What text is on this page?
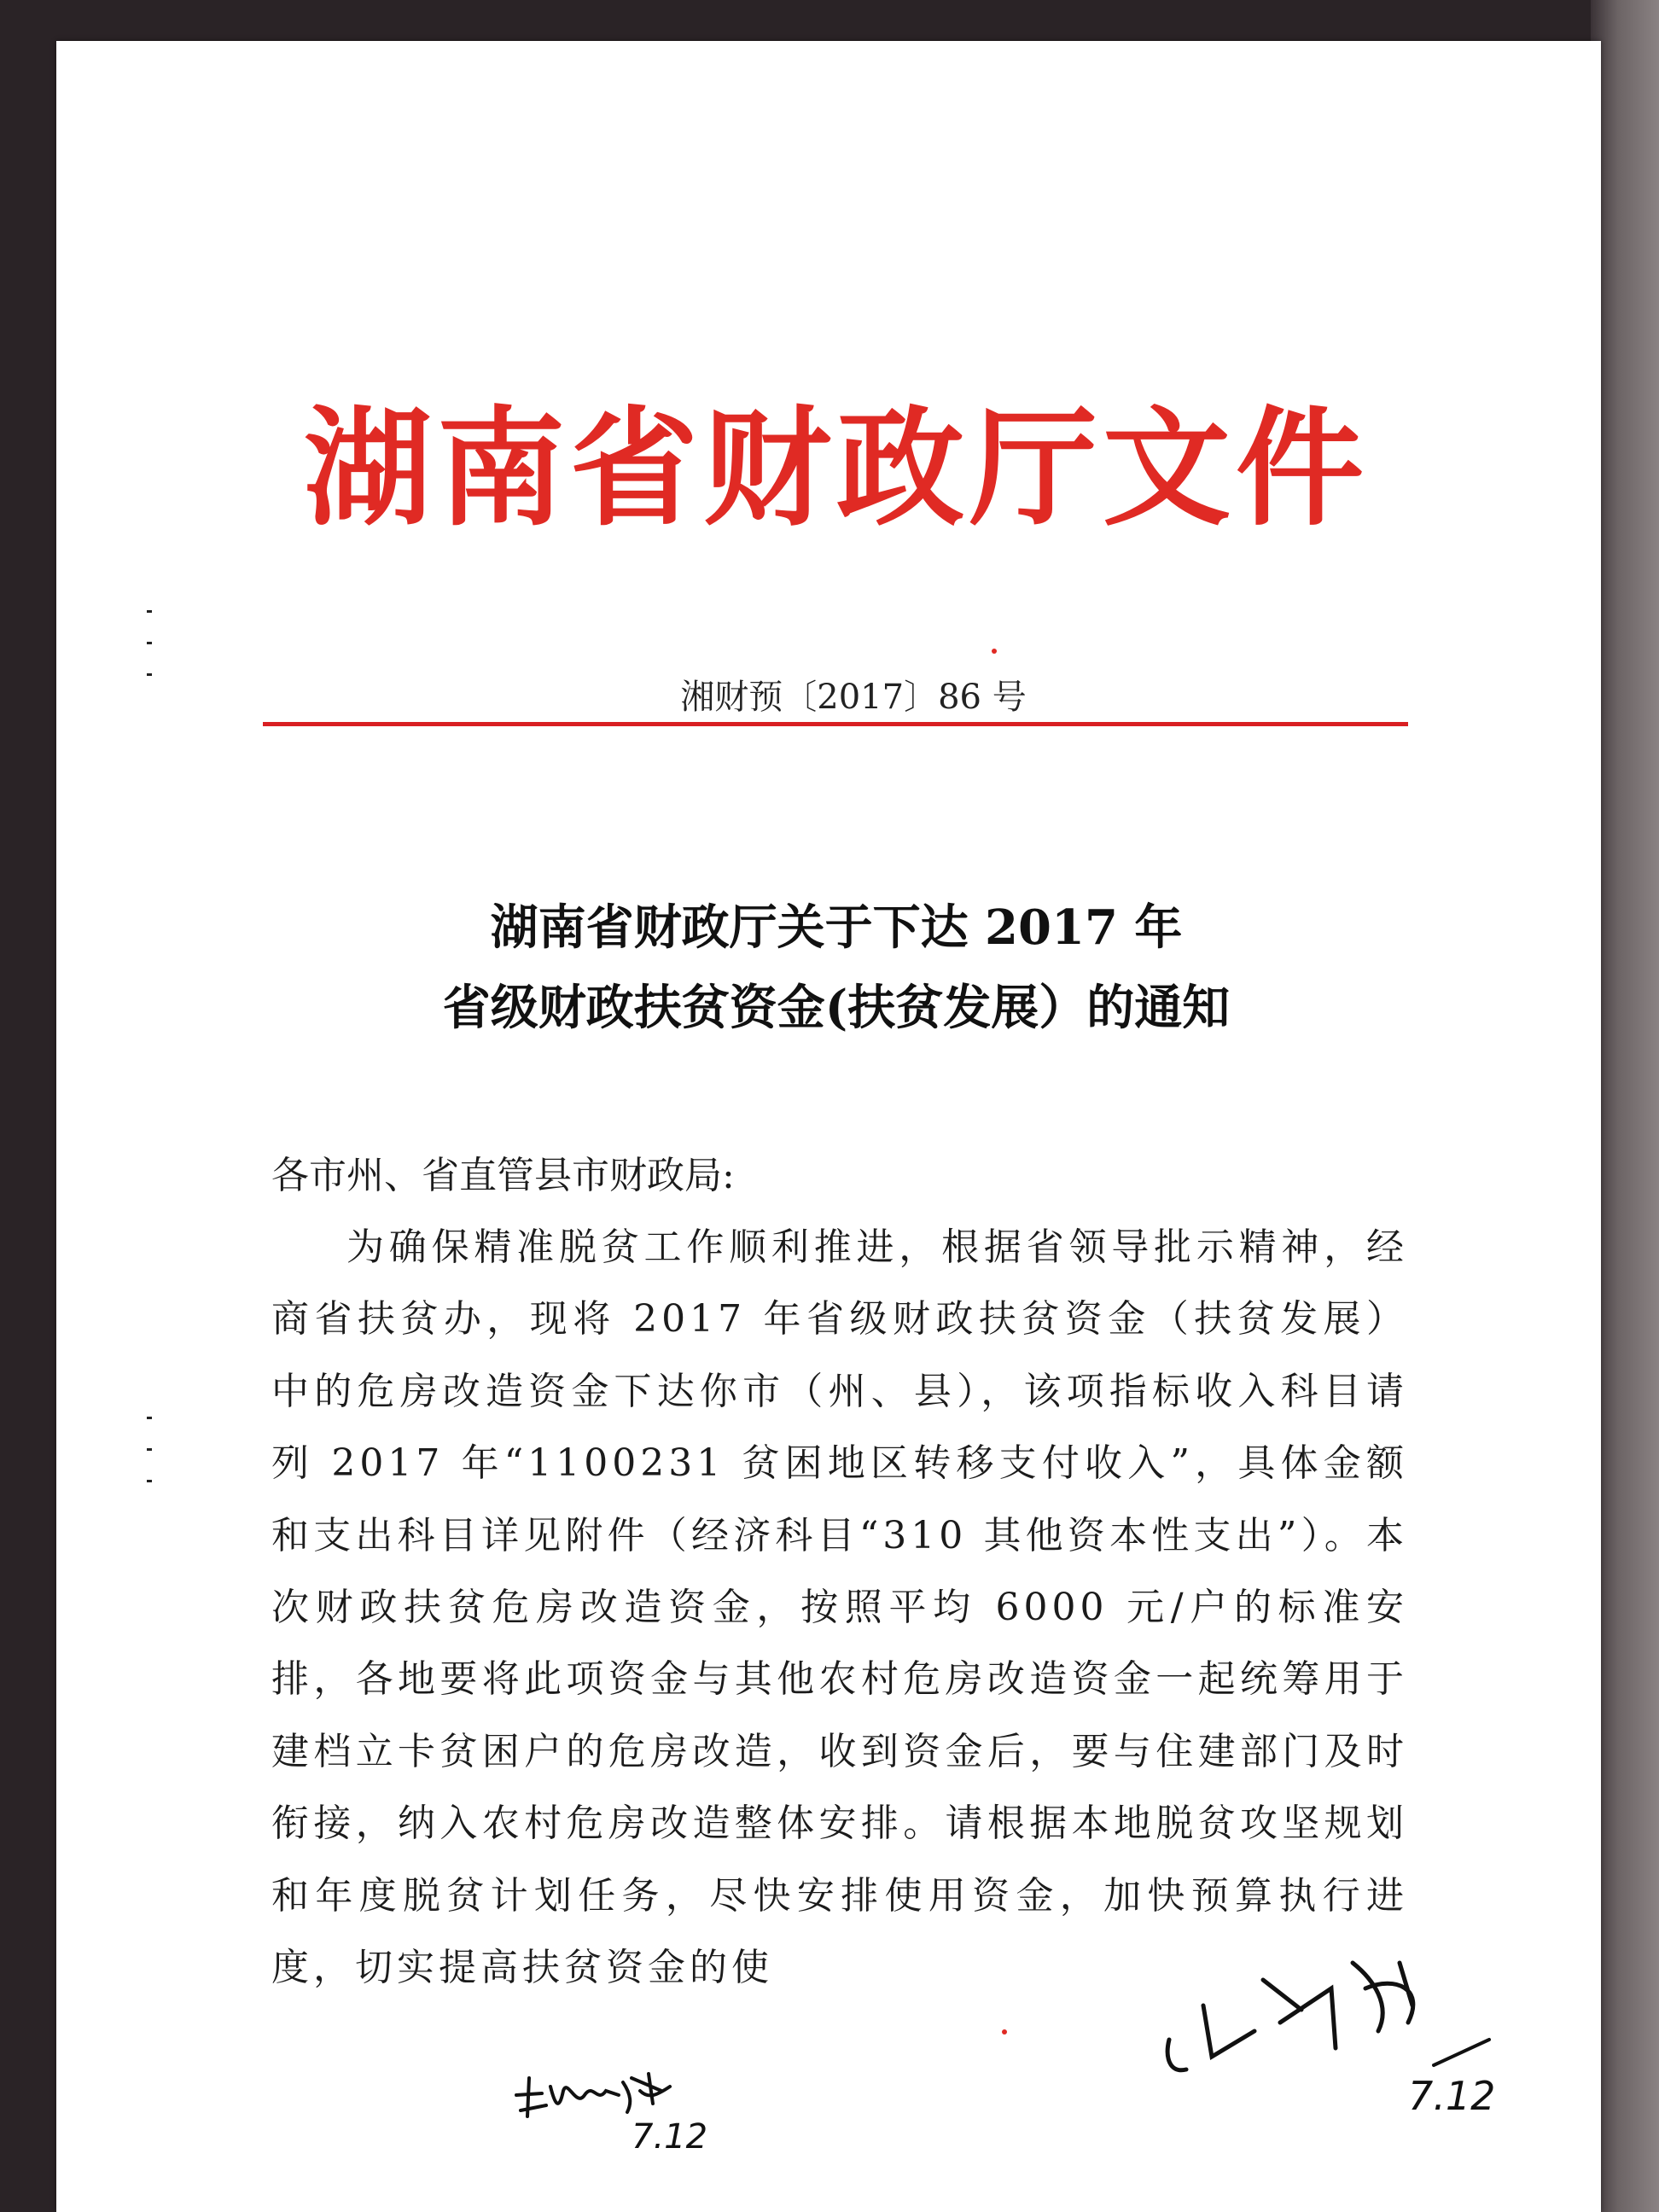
湖南省财政厅文件
湘财预〔2017〕86 号
湖南省财政厅关于下达 2017 年
省级财政扶贫资金(扶贫发展）的通知
各市州、省直管县市财政局:

为确保精准脱贫工作顺利推进，根据省领导批示精神，经商省扶贫办，现将 2017 年省级财政扶贫资金（扶贫发展）中的危房改造资金下达你市（州、县），该项指标收入科目请列 2017 年“1100231 贫困地区转移支付收入”，具体金额和支出科目详见附件（经济科目“310 其他资本性支出”）。本次财政扶贫危房改造资金，按照平均 6000 元/户的标准安排，各地要将此项资金与其他农村危房改造资金一起统筹用于建档立卡贫困户的危房改造，收到资金后，要与住建部门及时衔接，纳入农村危房改造整体安排。请根据本地脱贫攻坚规划和年度脱贫计划任务，尽快安排使用资金，加快预算执行进度，切实提高扶贫资金的使

7.12
7.12
